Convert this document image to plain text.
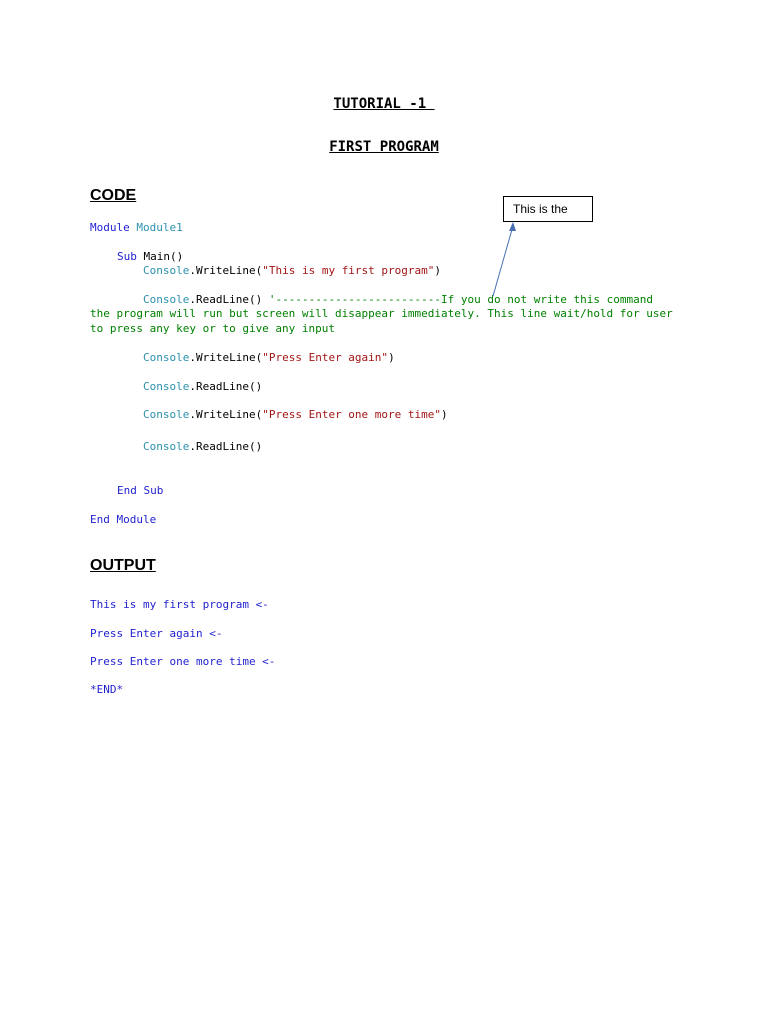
TUTORIAL -1
FIRST PROGRAM
CODE
This is the
Module Module1
Sub Main()
Console.WriteLine("This is my first program")
Console.ReadLine() '-------------------------If you do not write this command
the program will run but screen will disappear immediately. This line wait/hold for user
to press any key or to give any input
Console.WriteLine("Press Enter again")
Console.ReadLine()
Console.WriteLine("Press Enter one more time")
Console.ReadLine()
End Sub
End Module
OUTPUT
This is my first program <-
Press Enter again <-
Press Enter one more time <-
*END*
